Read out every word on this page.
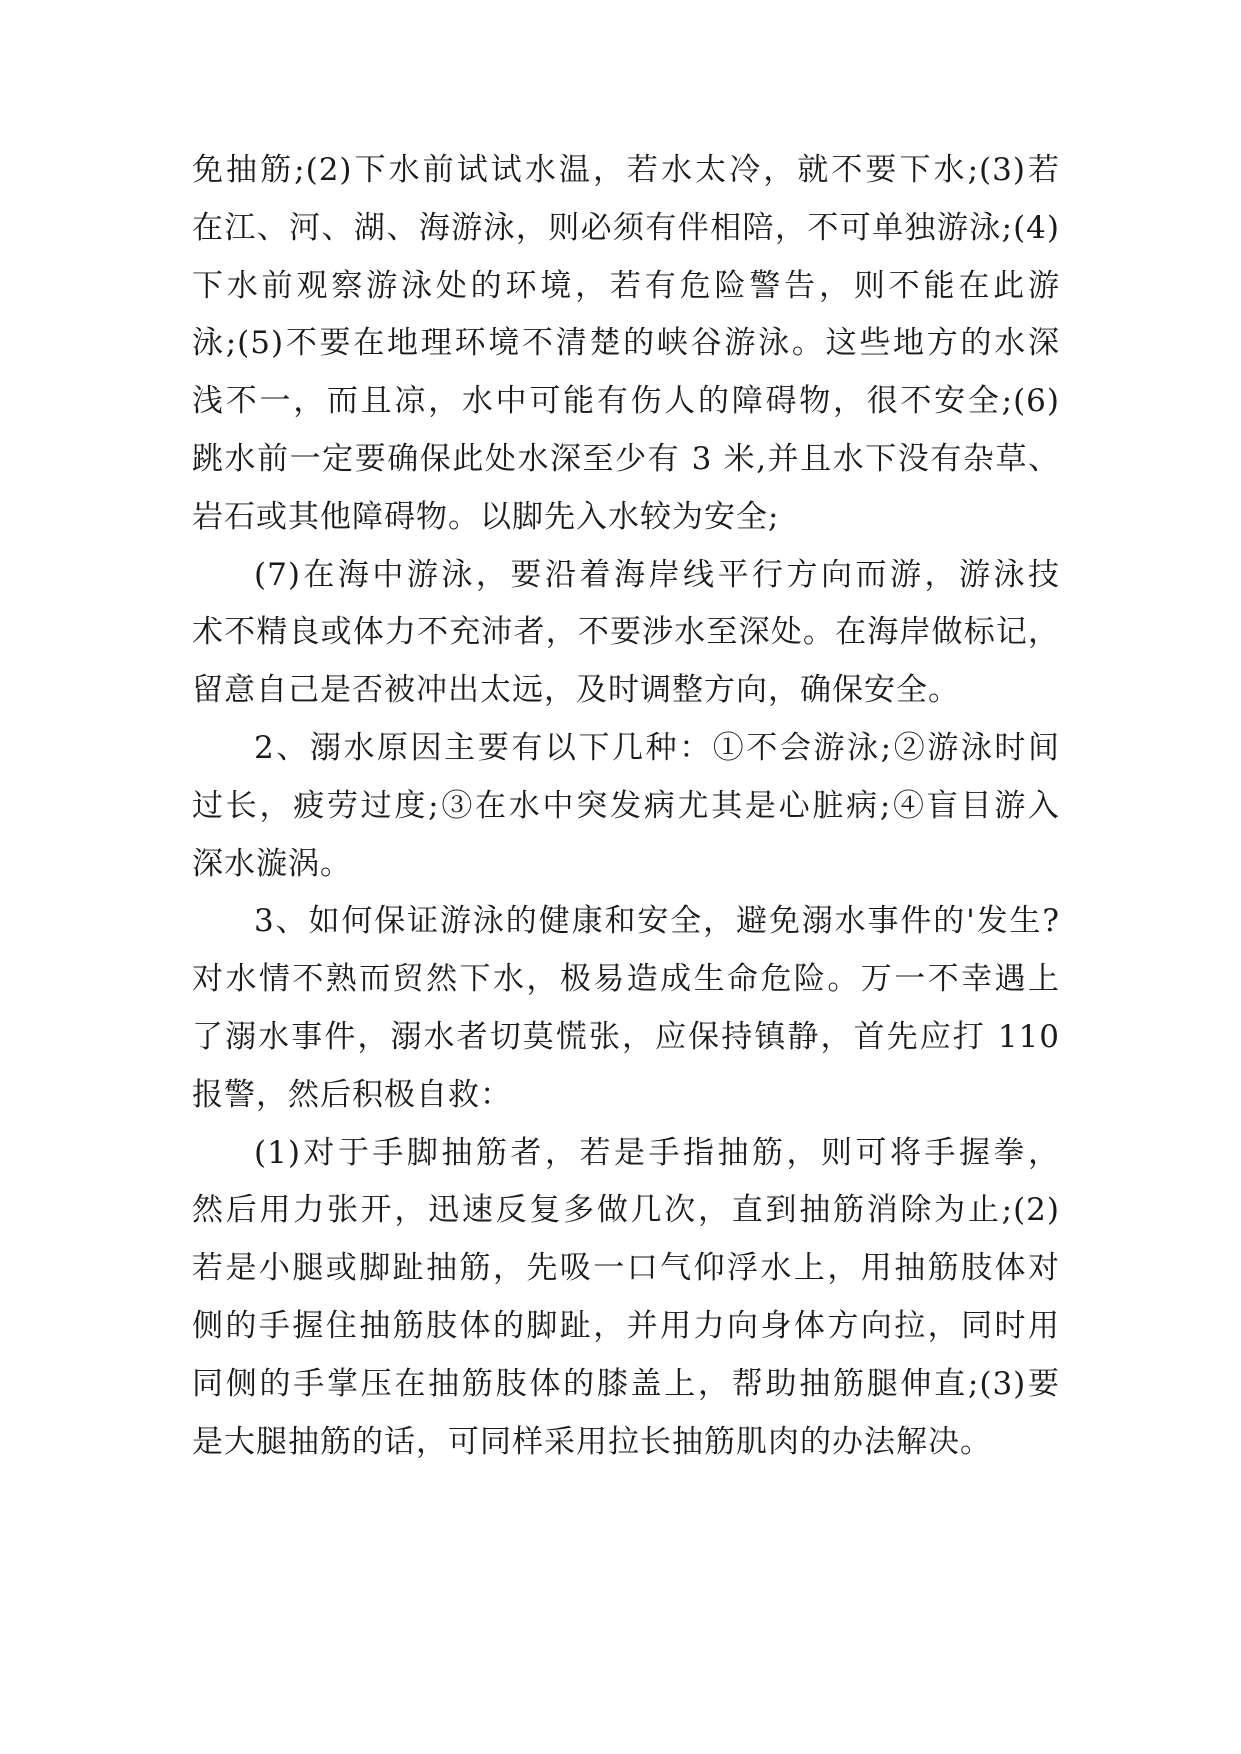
免抽筋;(2)下水前试试水温，若水太冷，就不要下水;(3)若
在江、河、湖、海游泳，则必须有伴相陪，不可单独游泳;(4)
下水前观察游泳处的环境，若有危险警告，则不能在此游
泳;(5)不要在地理环境不清楚的峡谷游泳。这些地方的水深
浅不一，而且凉，水中可能有伤人的障碍物，很不安全;(6)
跳水前一定要确保此处水深至少有 3 米,并且水下没有杂草、
岩石或其他障碍物。以脚先入水较为安全;
(7)在海中游泳，要沿着海岸线平行方向而游，游泳技
术不精良或体力不充沛者，不要涉水至深处。在海岸做标记，
留意自己是否被冲出太远，及时调整方向，确保安全。
2、溺水原因主要有以下几种：①不会游泳;②游泳时间
过长，疲劳过度;③在水中突发病尤其是心脏病;④盲目游入
深水漩涡。
3、如何保证游泳的健康和安全，避免溺水事件的'发生?
对水情不熟而贸然下水，极易造成生命危险。万一不幸遇上
了溺水事件，溺水者切莫慌张，应保持镇静，首先应打 110
报警，然后积极自救：
(1)对于手脚抽筋者，若是手指抽筋，则可将手握拳，
然后用力张开，迅速反复多做几次，直到抽筋消除为止;(2)
若是小腿或脚趾抽筋，先吸一口气仰浮水上，用抽筋肢体对
侧的手握住抽筋肢体的脚趾，并用力向身体方向拉，同时用
同侧的手掌压在抽筋肢体的膝盖上，帮助抽筋腿伸直;(3)要
是大腿抽筋的话，可同样采用拉长抽筋肌肉的办法解决。
